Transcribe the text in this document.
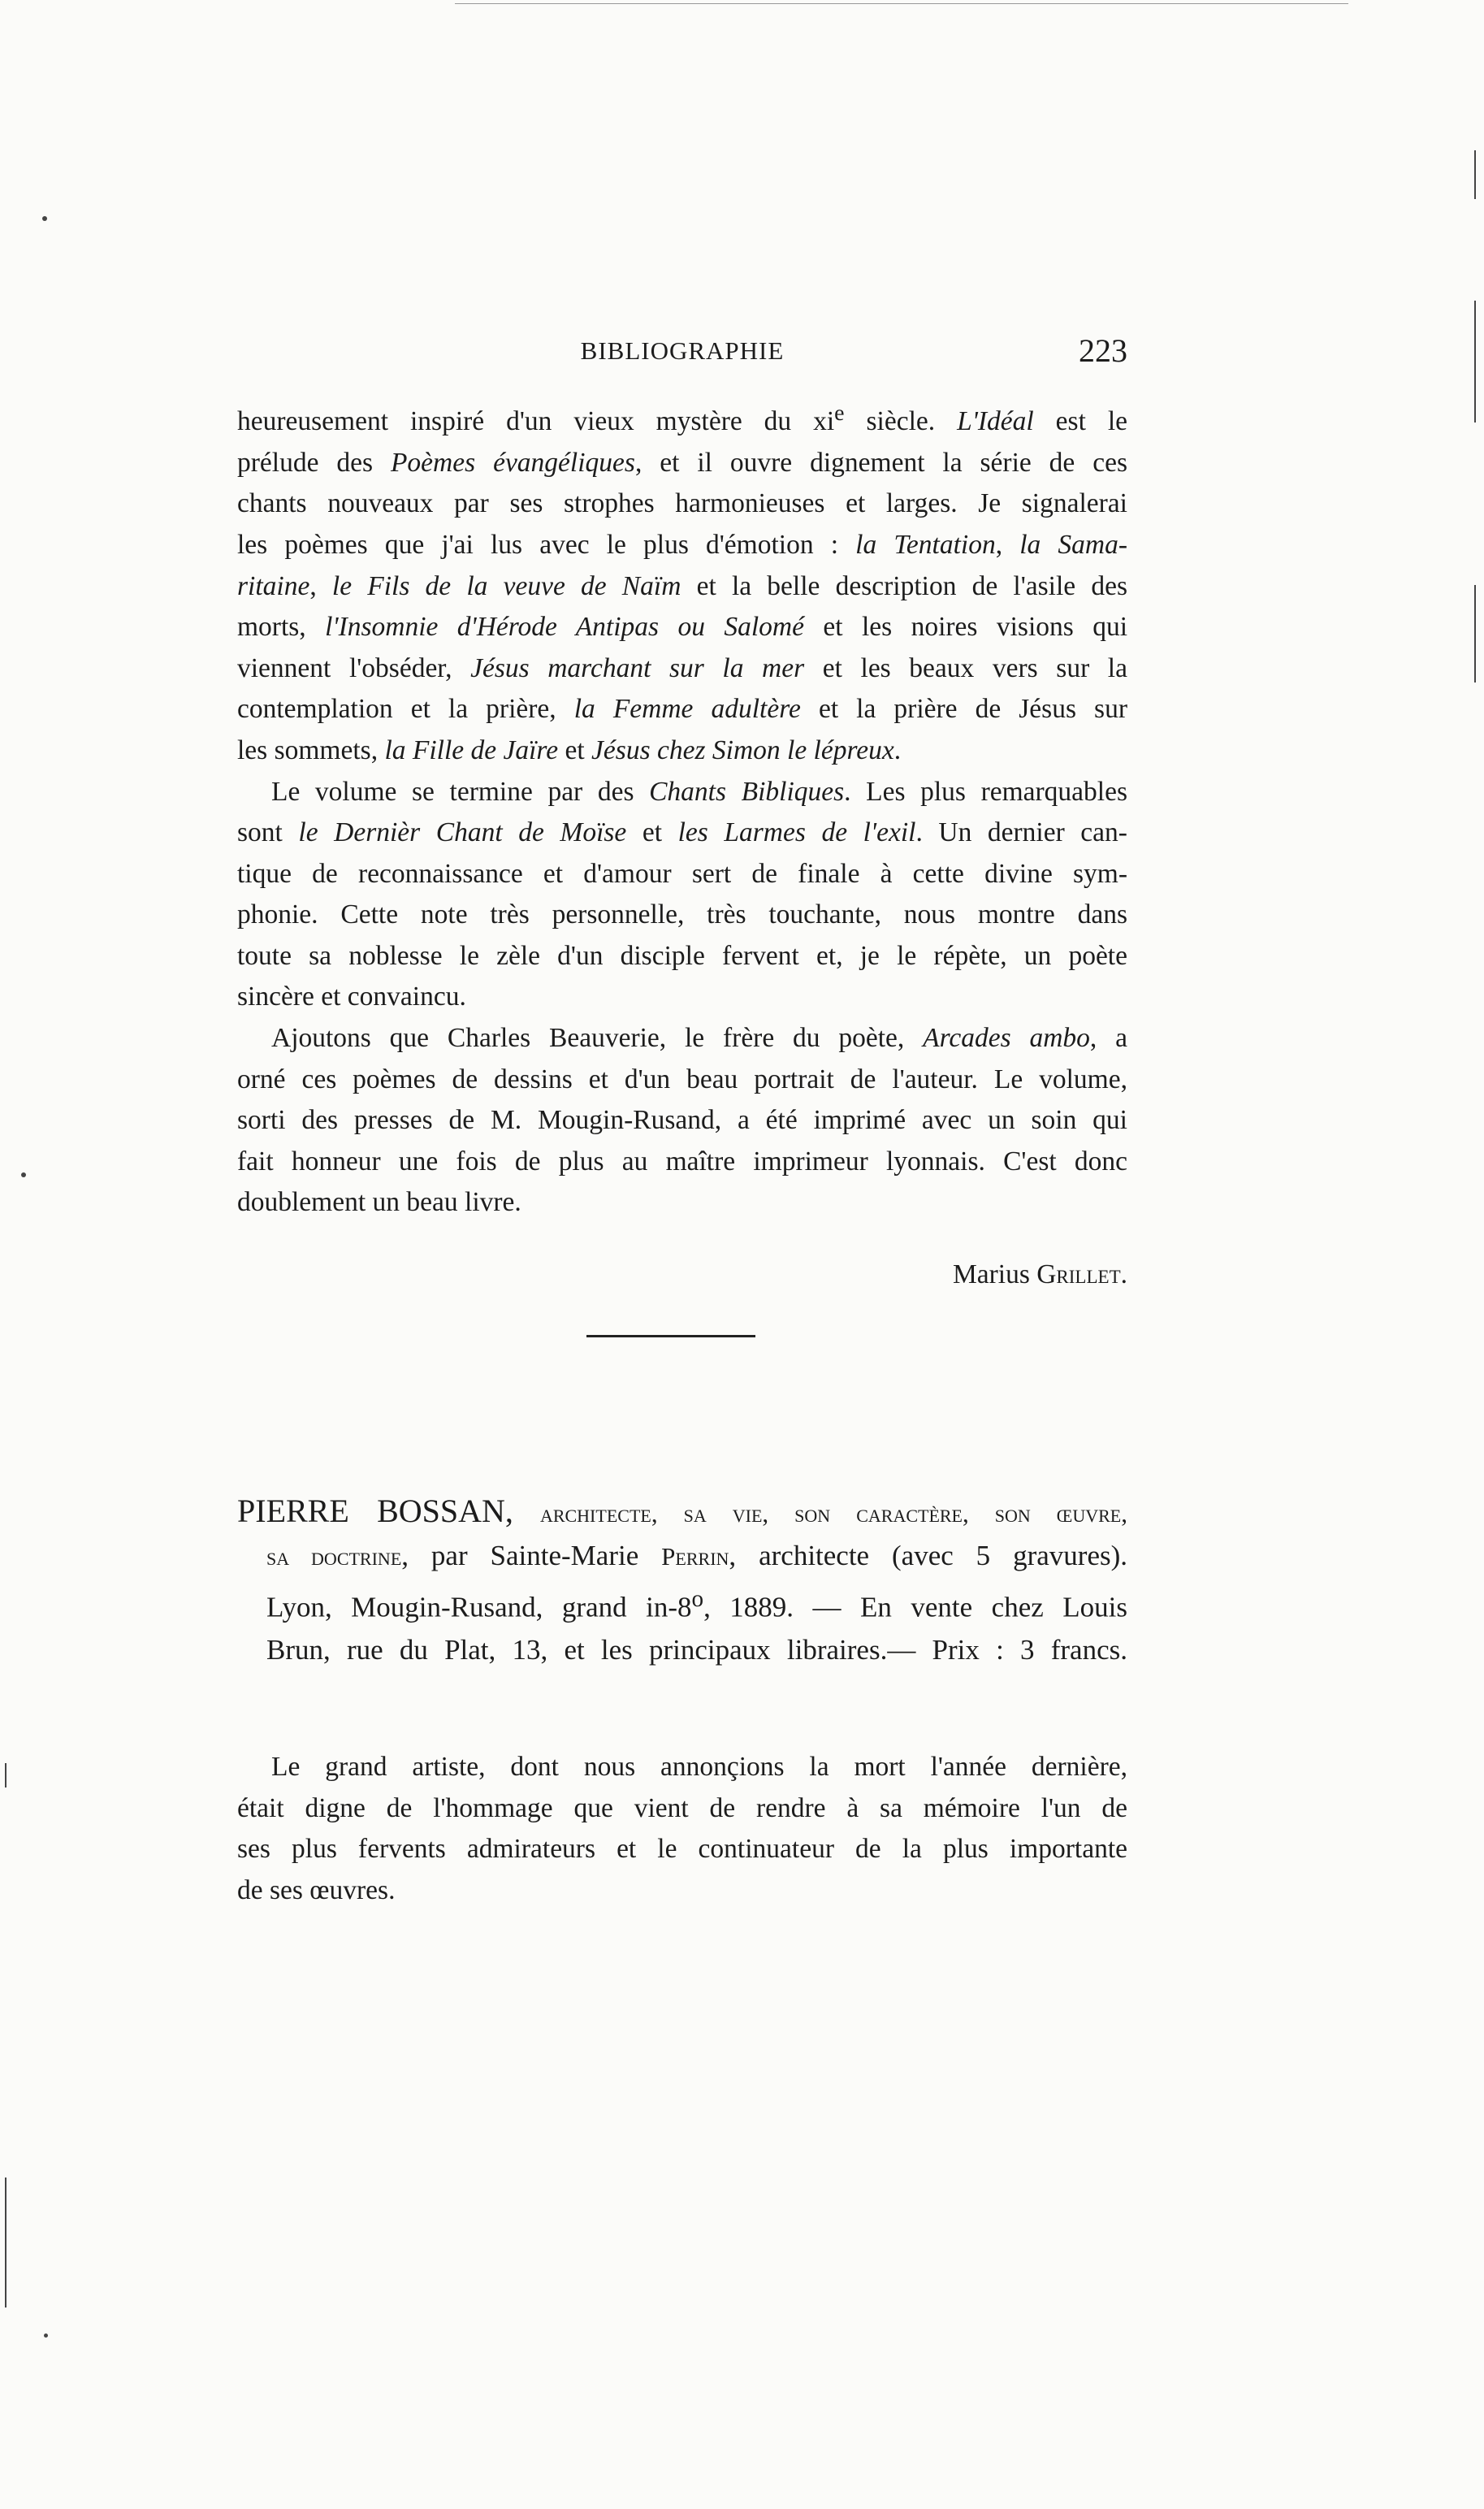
BIBLIOGRAPHIE	223
heureusement inspiré d'un vieux mystère du $xi^e$ siècle. L'Idéal est le
prélude des Poèmes évangéliques, et il ouvre dignement la série de ces
chants nouveaux par ses strophes harmonieuses et larges. Je signalerai
les poèmes que j'ai lus avec le plus d'émotion : la Tentation, la Sama-
ritaine, le Fils de la veuve de Naïm et la belle description de l'asile des
morts, l'Insomnie d'Hérode Antipas ou Salomé et les noires visions qui
viennent l'obséder, Jésus marchant sur la mer et les beaux vers sur la
contemplation et la prière, la Femme adultère et la prière de Jésus sur
les sommets, la Fille de Jaïre et Jésus chez Simon le lépreux.
Le volume se termine par des Chants Bibliques. Les plus remarquables
sont le Dernièr Chant de Moïse et les Larmes de l'exil. Un dernier can-
tique de reconnaissance et d'amour sert de finale à cette divine sym-
phonie. Cette note très personnelle, très touchante, nous montre dans
toute sa noblesse le zèle d'un disciple fervent et, je le répète, un poète
sincère et convaincu.
Ajoutons que Charles Beauverie, le frère du poète, Arcades ambo, a
orné ces poèmes de dessins et d'un beau portrait de l'auteur. Le volume,
sorti des presses de M. Mougin-Rusand, a été imprimé avec un soin qui
fait honneur une fois de plus au maître imprimeur lyonnais. C'est donc
doublement un beau livre.
Marius Grillet.
PIERRE BOSSAN, architecte, sa vie, son caractère, son œuvre,
sa doctrine, par Sainte-Marie Perrin, architecte (avec 5 gravures).
Lyon, Mougin-Rusand, grand in-8$^o$, 1889. — En vente chez Louis
Brun, rue du Plat, 13, et les principaux libraires.— Prix : 3 francs.
Le grand artiste, dont nous annonçions la mort l'année dernière,
était digne de l'hommage que vient de rendre à sa mémoire l'un de
ses plus fervents admirateurs et le continuateur de la plus importante
de ses œuvres.
